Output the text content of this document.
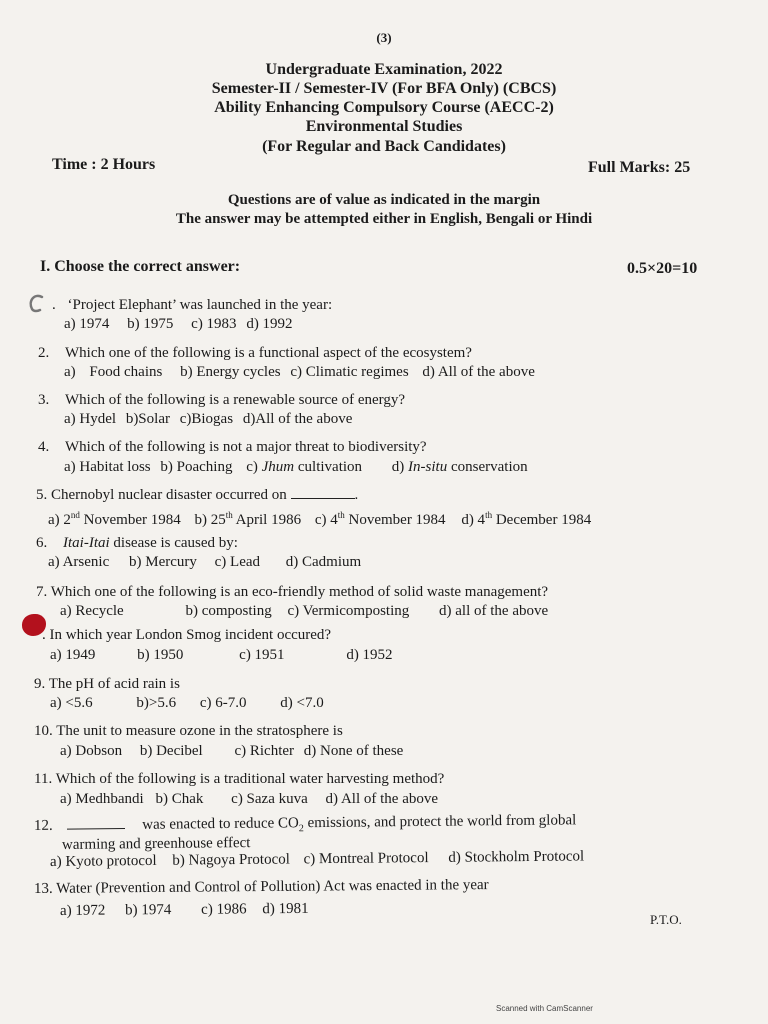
(3)
Undergraduate Examination, 2022
Semester-II / Semester-IV (For BFA Only) (CBCS)
Ability Enhancing Compulsory Course (AECC-2)
Environmental Studies
(For Regular and Back Candidates)
Time : 2 Hours	Full Marks: 25
Questions are of value as indicated in the margin
The answer may be attempted either in English, Bengali or Hindi
I. Choose the correct answer:	0.5×20=10
. ‘Project Elephant’ was launched in the year:
a) 1974 b) 1975 c) 1983 d) 1992
2. Which one of the following is a functional aspect of the ecosystem?
a) Food chains b) Energy cycles c) Climatic regimes d) All of the above
3. Which of the following is a renewable source of energy?
a) Hydel b)Solar c)Biogas d)All of the above
4. Which of the following is not a major threat to biodiversity?
a) Habitat loss b) Poaching c) Jhum cultivation d) In-situ conservation
5. Chernobyl nuclear disaster occurred on	.
a) 2nd November 1984 b) 25th April 1986 c) 4th November 1984 d) 4th December 1984
6. Itai-Itai disease is caused by:
a) Arsenic b) Mercury c) Lead d) Cadmium
7. Which one of the following is an eco-friendly method of solid waste management?
a) Recycle	b) composting c) Vermicomposting d) all of the above
. In which year London Smog incident occured?
a) 1949	b) 1950	c) 1951	d) 1952
9. The pH of acid rain is
a) <5.6	b)>5.6 c) 6-7.0 d) <7.0
10. The unit to measure ozone in the stratosphere is
a) Dobson b) Decibel c) Richter d) None of these
11. Which of the following is a traditional water harvesting method?
a) Medhbandi b) Chak c) Saza kuva d) All of the above
12.	was enacted to reduce $CO_2$ emissions, and protect the world from global
warming and greenhouse effect
a) Kyoto protocol b) Nagoya Protocol c) Montreal Protocol d) Stockholm Protocol
13. Water (Prevention and Control of Pollution) Act was enacted in the year
a) 1972 b) 1974 c) 1986 d) 1981
P.T.O.
Scanned with CamScanner
